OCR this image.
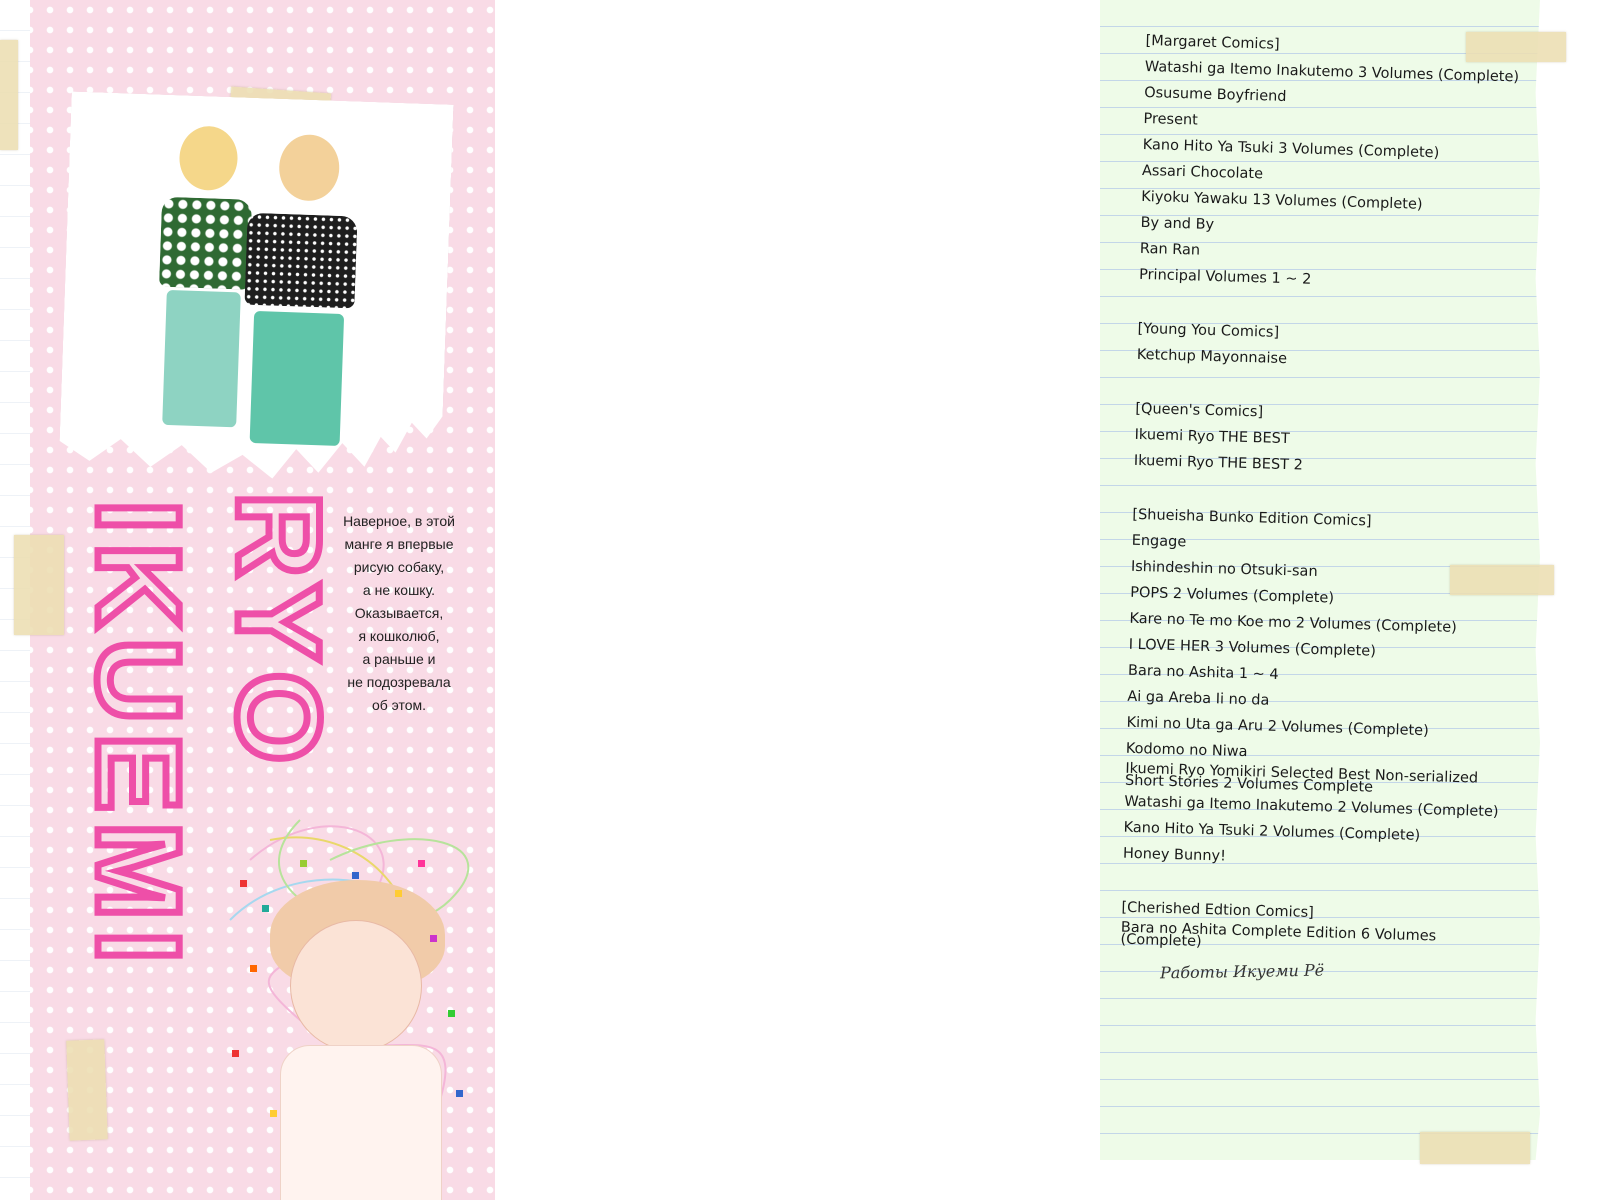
RYO
IKUEMI	Наверное, в этой
манге я впервые
рисую собаку,
а не кошку.
Оказывается,
я кошколюб,
а раньше и
не подозревала
об этом.
[Margaret Comics]
Watashi ga Itemo Inakutemo 3 Volumes (Complete)
Osusume Boyfriend
Present
Kano Hito Ya Tsuki 3 Volumes (Complete)
Assari Chocolate
Kiyoku Yawaku 13 Volumes (Complete)
By and By
Ran Ran
Principal Volumes 1 ~ 2
[Young You Comics]
Ketchup Mayonnaise
[Queen's Comics]
Ikuemi Ryo THE BEST
Ikuemi Ryo THE BEST 2
[Shueisha Bunko Edition Comics]
Engage
Ishindeshin no Otsuki-san
POPS 2 Volumes (Complete)
Kare no Te mo Koe mo 2 Volumes (Complete)
I LOVE HER 3 Volumes (Complete)
Bara no Ashita 1 ~ 4
Ai ga Areba Ii no da
Kimi no Uta ga Aru 2 Volumes (Complete)
Kodomo no Niwa
Ikuemi Ryo Yomikiri Selected Best Non-serialized Short Stories 2 Volumes Complete
Watashi ga Itemo Inakutemo 2 Volumes (Complete)
Kano Hito Ya Tsuki 2 Volumes (Complete)
Honey Bunny!
[Cherished Edtion Comics]
Bara no Ashita Complete Edition 6 Volumes (Complete)
Работы Икуеми Рё
